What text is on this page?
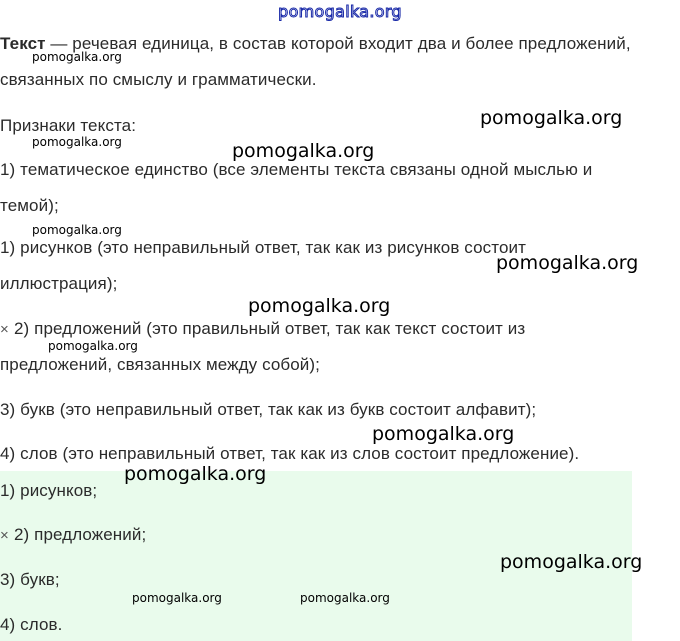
pomogalka.org
Текст — речевая единица, в состав которой входит два и более предложений,
связанных по смыслу и грамматически.
Признаки текста:
1) тематическое единство (все элементы текста связаны одной мыслью и
темой);
1) рисунков (это неправильный ответ, так как из рисунков состоит
иллюстрация);
× 2) предложений (это правильный ответ, так как текст состоит из
предложений, связанных между собой);
3) букв (это неправильный ответ, так как из букв состоит алфавит);
4) слов (это неправильный ответ, так как из слов состоит предложение).
1) рисунков;
× 2) предложений;
3) букв;
4) слов.
pomogalka.org
pomogalka.org
pomogalka.org
pomogalka.org
pomogalka.org	pomogalka.org
pomogalka.org
pomogalka.org
pomogalka.org
pomogalka.org
pomogalka.org
pomogalka.org
pomogalka.org
